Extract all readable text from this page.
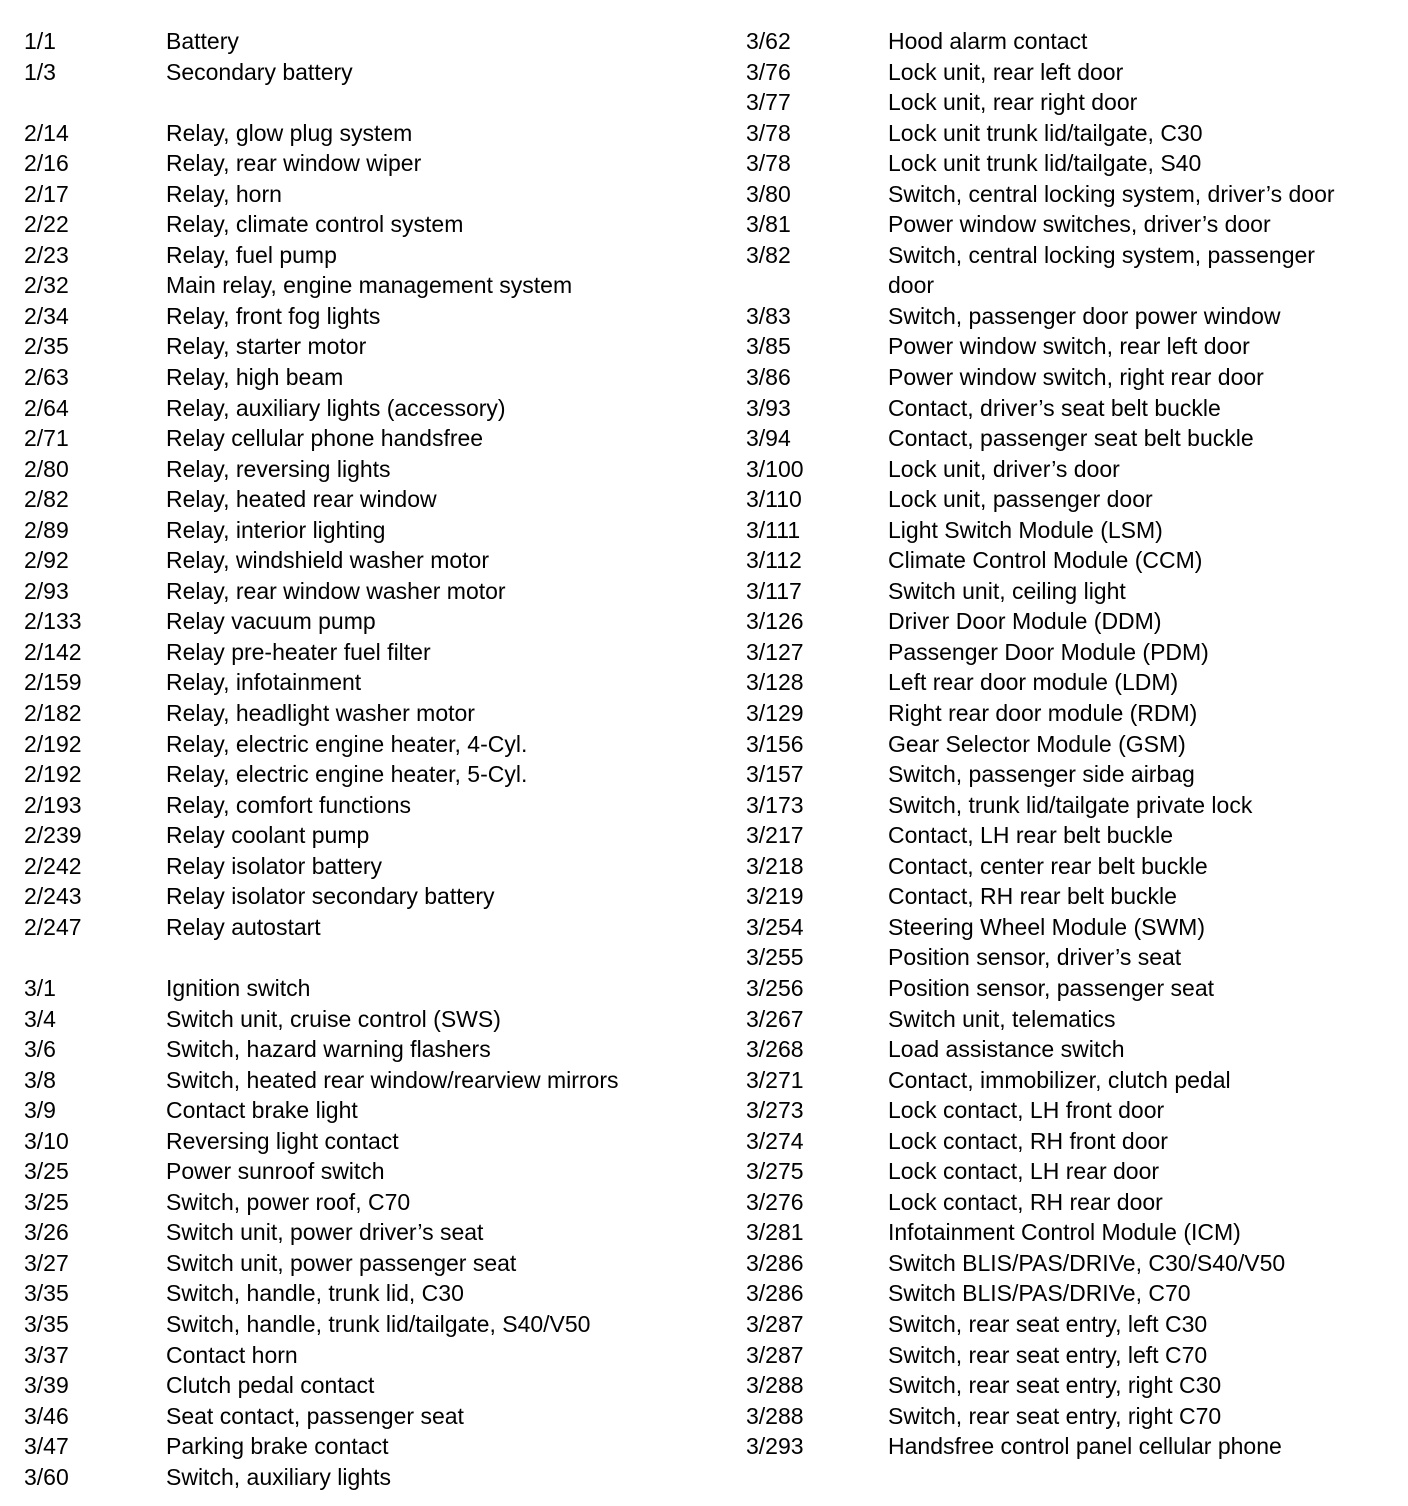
1/1	Battery
1/3	Secondary battery
2/14	Relay, glow plug system
2/16	Relay, rear window wiper
2/17	Relay, horn
2/22	Relay, climate control system
2/23	Relay, fuel pump
2/32	Main relay, engine management system
2/34	Relay, front fog lights
2/35	Relay, starter motor
2/63	Relay, high beam
2/64	Relay, auxiliary lights (accessory)
2/71	Relay cellular phone handsfree
2/80	Relay, reversing lights
2/82	Relay, heated rear window
2/89	Relay, interior lighting
2/92	Relay, windshield washer motor
2/93	Relay, rear window washer motor
2/133	Relay vacuum pump
2/142	Relay pre-heater fuel filter
2/159	Relay, infotainment
2/182	Relay, headlight washer motor
2/192	Relay, electric engine heater, 4-Cyl.
2/192	Relay, electric engine heater, 5-Cyl.
2/193	Relay, comfort functions
2/239	Relay coolant pump
2/242	Relay isolator battery
2/243	Relay isolator secondary battery
2/247	Relay autostart
3/1	Ignition switch
3/4	Switch unit, cruise control (SWS)
3/6	Switch, hazard warning flashers
3/8	Switch, heated rear window/rearview mirrors
3/9	Contact brake light
3/10	Reversing light contact
3/25	Power sunroof switch
3/25	Switch, power roof, C70
3/26	Switch unit, power driver’s seat
3/27	Switch unit, power passenger seat
3/35	Switch, handle, trunk lid, C30
3/35	Switch, handle, trunk lid/tailgate, S40/V50
3/37	Contact horn
3/39	Clutch pedal contact
3/46	Seat contact, passenger seat
3/47	Parking brake contact
3/60	Switch, auxiliary lights
3/62	Hood alarm contact
3/76	Lock unit, rear left door
3/77	Lock unit, rear right door
3/78	Lock unit trunk lid/tailgate, C30
3/78	Lock unit trunk lid/tailgate, S40
3/80	Switch, central locking system, driver’s door
3/81	Power window switches, driver’s door
3/82	Switch, central locking system, passenger
door
3/83	Switch, passenger door power window
3/85	Power window switch, rear left door
3/86	Power window switch, right rear door
3/93	Contact, driver’s seat belt buckle
3/94	Contact, passenger seat belt buckle
3/100	Lock unit, driver’s door
3/110	Lock unit, passenger door
3/111	Light Switch Module (LSM)
3/112	Climate Control Module (CCM)
3/117	Switch unit, ceiling light
3/126	Driver Door Module (DDM)
3/127	Passenger Door Module (PDM)
3/128	Left rear door module (LDM)
3/129	Right rear door module (RDM)
3/156	Gear Selector Module (GSM)
3/157	Switch, passenger side airbag
3/173	Switch, trunk lid/tailgate private lock
3/217	Contact, LH rear belt buckle
3/218	Contact, center rear belt buckle
3/219	Contact, RH rear belt buckle
3/254	Steering Wheel Module (SWM)
3/255	Position sensor, driver’s seat
3/256	Position sensor, passenger seat
3/267	Switch unit, telematics
3/268	Load assistance switch
3/271	Contact, immobilizer, clutch pedal
3/273	Lock contact, LH front door
3/274	Lock contact, RH front door
3/275	Lock contact, LH rear door
3/276	Lock contact, RH rear door
3/281	Infotainment Control Module (ICM)
3/286	Switch BLIS/PAS/DRIVe, C30/S40/V50
3/286	Switch BLIS/PAS/DRIVe, C70
3/287	Switch, rear seat entry, left C30
3/287	Switch, rear seat entry, left C70
3/288	Switch, rear seat entry, right C30
3/288	Switch, rear seat entry, right C70
3/293	Handsfree control panel cellular phone
